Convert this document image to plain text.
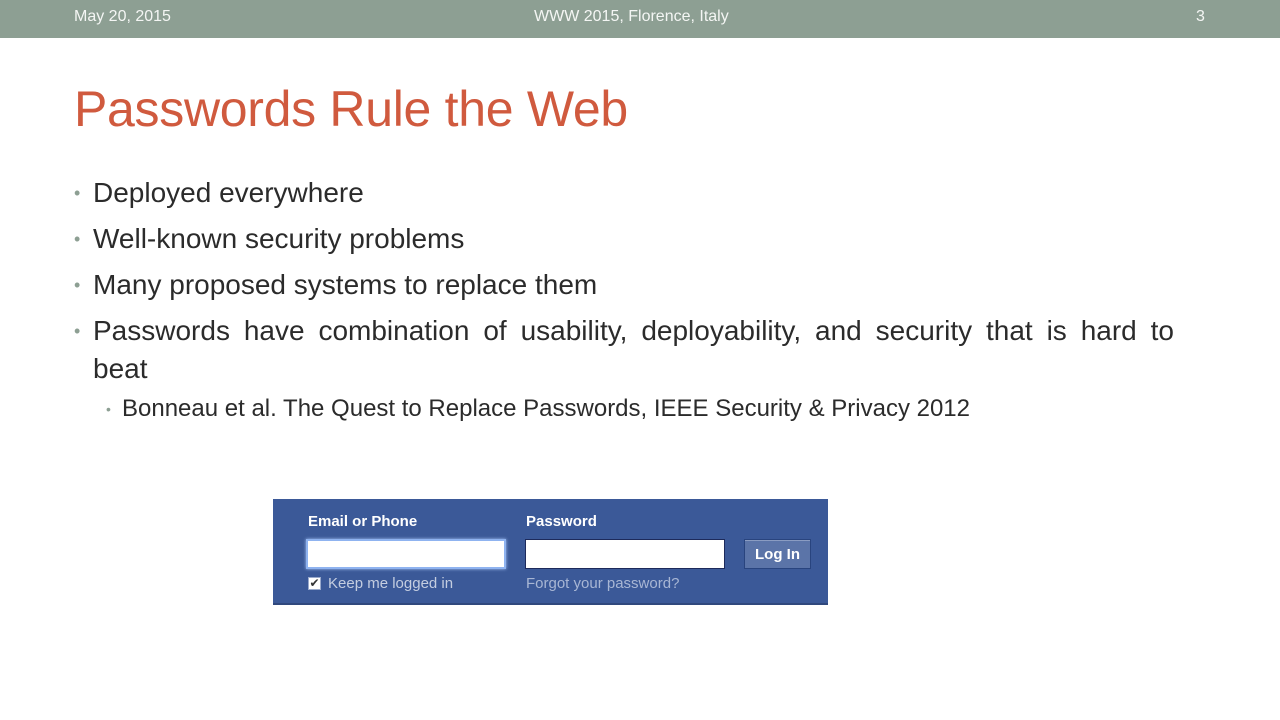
May 20, 2015	WWW 2015, Florence, Italy	3
Passwords Rule the Web
• Deployed everywhere
• Well-known security problems
• Many proposed systems to replace them
• Passwords have combination of usability, deployability, and security that is hard to beat
• Bonneau et al. The Quest to Replace Passwords, IEEE Security & Privacy 2012
Email or Phone	Password
Log In
✔ Keep me logged in	Forgot your password?
